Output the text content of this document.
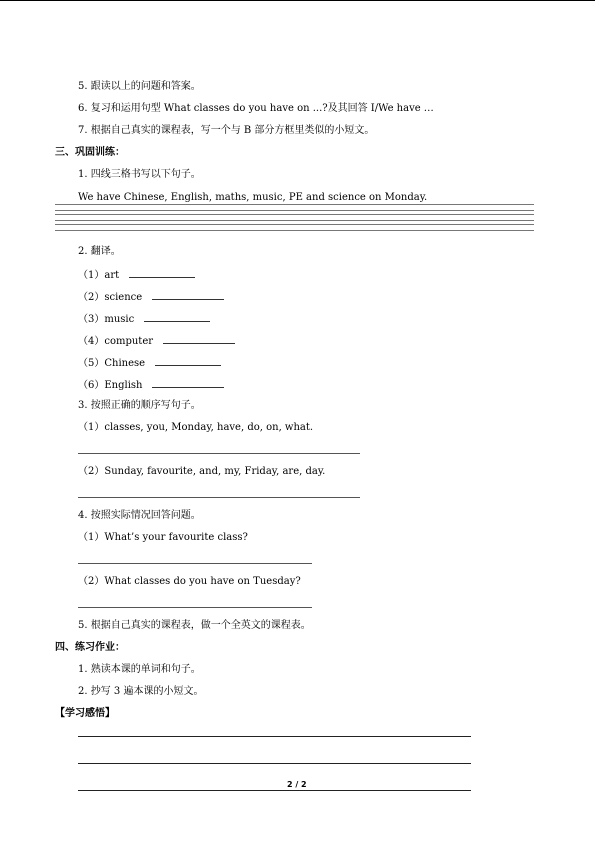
5. 跟读以上的问题和答案。
6. 复习和运用句型 What classes do you have on ...?及其回答 I/We have …
7. 根据自己真实的课程表，写一个与 B 部分方框里类似的小短文。
三、巩固训练：
1. 四线三格书写以下句子。
We have Chinese, English, maths, music, PE and science on Monday.
2. 翻译。
（1）art
（2）science
（3）music
（4）computer
（5）Chinese
（6）English
3. 按照正确的顺序写句子。
（1）classes, you, Monday, have, do, on, what.
（2）Sunday, favourite, and, my, Friday, are, day.
4. 按照实际情况回答问题。
（1）What’s your favourite class?
（2）What classes do you have on Tuesday?
5. 根据自己真实的课程表，做一个全英文的课程表。
四、练习作业：
1. 熟读本课的单词和句子。
2. 抄写 3 遍本课的小短文。
【学习感悟】
2 / 2
